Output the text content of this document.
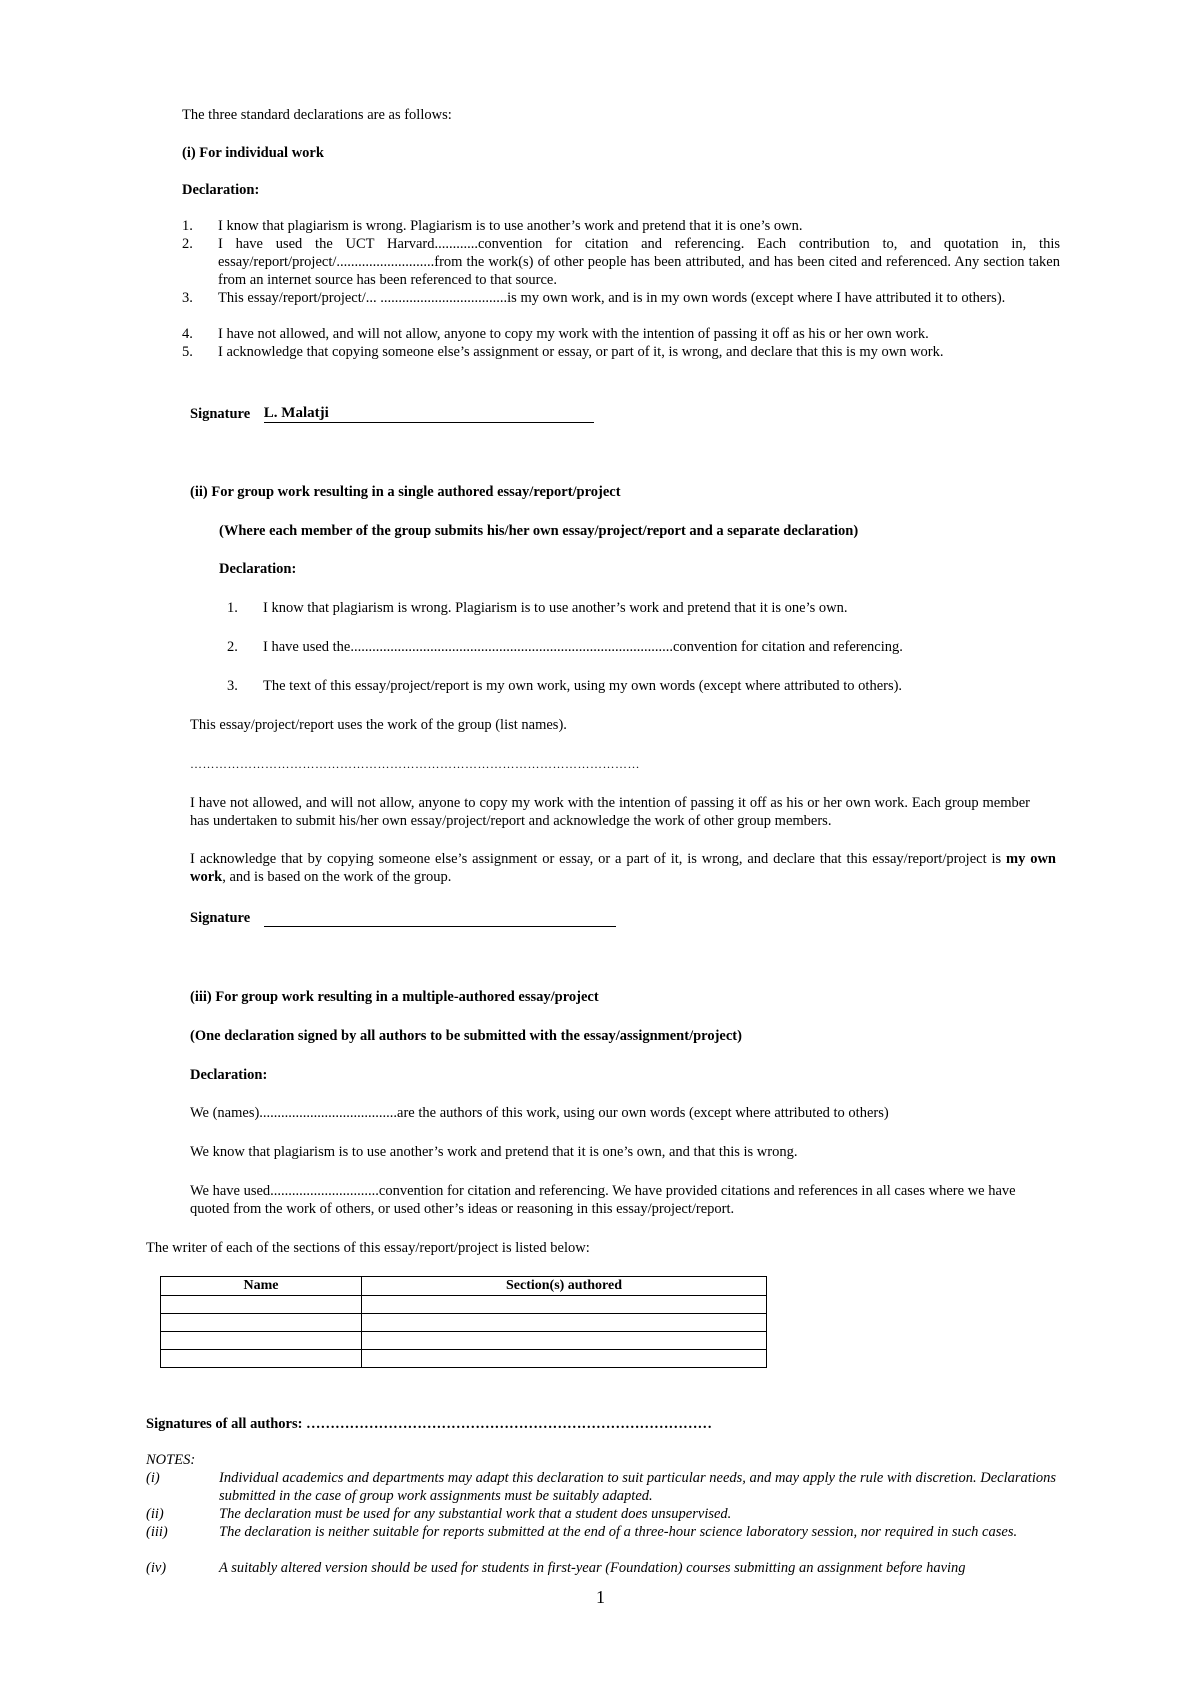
The three standard declarations are as follows:
(i) For individual work
Declaration:
1. I know that plagiarism is wrong. Plagiarism is to use another’s work and pretend that it is one’s own.
2. I have used the UCT Harvard............convention for citation and referencing. Each contribution to, and quotation in, this essay/report/project/...........................from the work(s) of other people has been attributed, and has been cited and referenced. Any section taken from an internet source has been referenced to that source.
3. This essay/report/project/... ...................................is my own work, and is in my own words (except where I have attributed it to others).
4. I have not allowed, and will not allow, anyone to copy my work with the intention of passing it off as his or her own work.
5. I acknowledge that copying someone else’s assignment or essay, or part of it, is wrong, and declare that this is my own work.
Signature L. Malatji
(ii) For group work resulting in a single authored essay/report/project
(Where each member of the group submits his/her own essay/project/report and a separate declaration)
Declaration:
1. I know that plagiarism is wrong. Plagiarism is to use another’s work and pretend that it is one’s own.
2. I have used the.........................................................................................convention for citation and referencing.
3. The text of this essay/project/report is my own work, using my own words (except where attributed to others).
This essay/project/report uses the work of the group (list names).
………………………………………………………………………………………………
I have not allowed, and will not allow, anyone to copy my work with the intention of passing it off as his or her own work. Each group member has undertaken to submit his/her own essay/project/report and acknowledge the work of other group members.
I acknowledge that by copying someone else’s assignment or essay, or a part of it, is wrong, and declare that this essay/report/project is my own work, and is based on the work of the group.
Signature
(iii) For group work resulting in a multiple-authored essay/project
(One declaration signed by all authors to be submitted with the essay/assignment/project)
Declaration:
We (names)......................................are the authors of this work, using our own words (except where attributed to others)
We know that plagiarism is to use another’s work and pretend that it is one’s own, and that this is wrong.
We have used..............................convention for citation and referencing. We have provided citations and references in all cases where we have quoted from the work of others, or used other’s ideas or reasoning in this essay/project/report.
The writer of each of the sections of this essay/report/project is listed below:
Name	Section(s) authored

Signatures of all authors: …………………………………………………………………………
NOTES:
(i)	Individual academics and departments may adapt this declaration to suit particular needs, and may apply the rule with discretion. Declarations submitted in the case of group work assignments must be suitably adapted.
(ii)	The declaration must be used for any substantial work that a student does unsupervised.
(iii)	The declaration is neither suitable for reports submitted at the end of a three-hour science laboratory session, nor required in such cases.
(iv)	A suitably altered version should be used for students in first-year (Foundation) courses submitting an assignment before having
1
